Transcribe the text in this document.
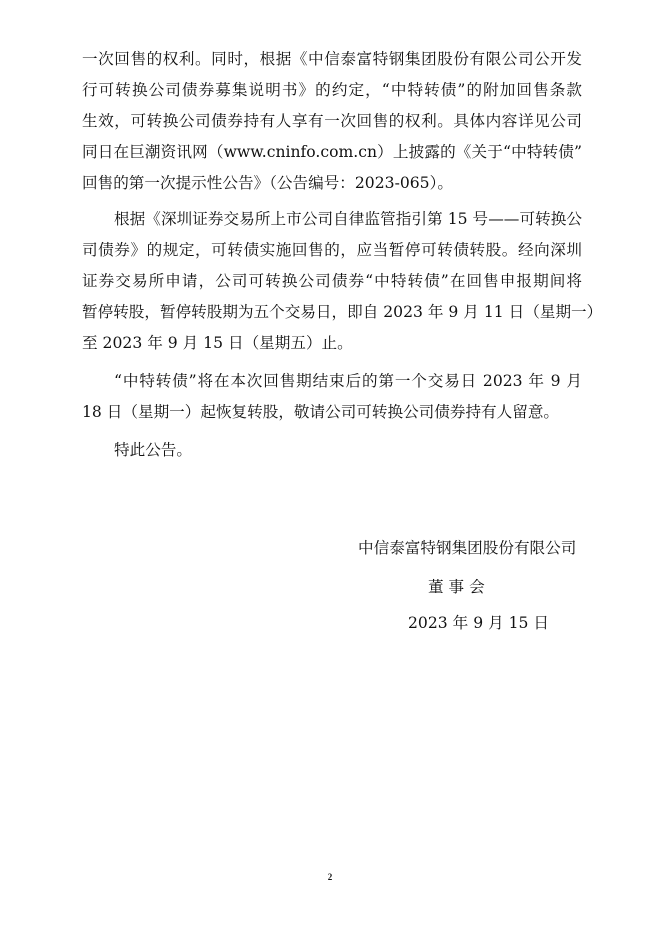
一次回售的权利。同时，根据《中信泰富特钢集团股份有限公司公开发
行可转换公司债券募集说明书》的约定，“中特转债”的附加回售条款
生效，可转换公司债券持有人享有一次回售的权利。具体内容详见公司
同日在巨潮资讯网（www.cninfo.com.cn）上披露的《关于“中特转债”
回售的第一次提示性公告》（公告编号：2023-065）。
根据《深圳证券交易所上市公司自律监管指引第 15 号——可转换公
司债券》的规定，可转债实施回售的，应当暂停可转债转股。经向深圳
证券交易所申请，公司可转换公司债券“中特转债”在回售申报期间将
暂停转股，暂停转股期为五个交易日，即自 2023 年 9 月 11 日（星期一）
至 2023 年 9 月 15 日（星期五）止。
“中特转债”将在本次回售期结束后的第一个交易日 2023 年 9 月
18 日（星期一）起恢复转股，敬请公司可转换公司债券持有人留意。
特此公告。
中信泰富特钢集团股份有限公司
董 事 会
2023 年 9 月 15 日
2
